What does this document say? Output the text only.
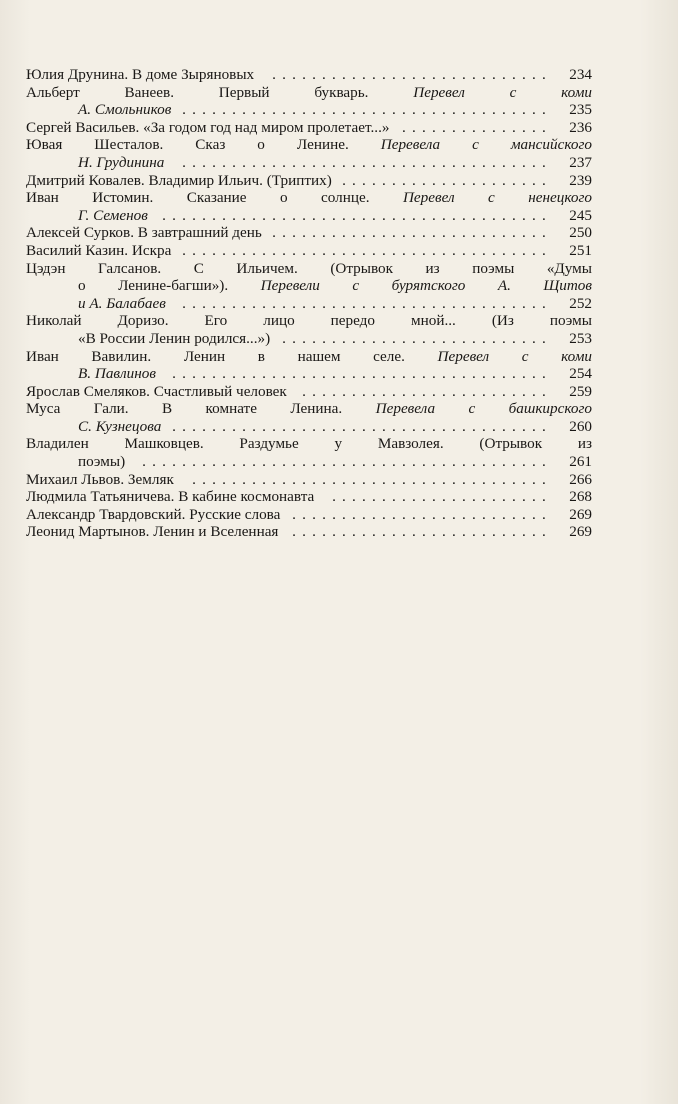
Юлия Друнина. В доме Зыряновых	............................	234
Альберт Ванеев. Первый букварь. Перевел с коми
А. Смольников .....................................	235
Сергей Васильев. «За годом год над миром пролетает...» ...............	236
Ювая Шесталов. Сказ о Ленине. Перевела с мансийского
Н. Грудинина	.....................................	237
Дмитрий Ковалев. Владимир Ильич. (Триптих) .....................	239
Иван Истомин. Сказание о солнце. Перевел с ненецкого
Г. Семенов .......................................	245
Алексей Сурков. В завтрашний день ............................	250
Василий Казин. Искра .....................................	251
Цэдэн Галсанов. С Ильичем. (Отрывок из поэмы «Думы
о Ленине-багши»). Перевели с бурятского А. Щитов
и А. Балабаев	.....................................	252
Николай Доризо. Его лицо передо мной... (Из поэмы
«В России Ленин родился...») ...........................	253
Иван Вавилин. Ленин в нашем селе. Перевел с коми
В. Павлинов	......................................	254
Ярослав Смеляков. Счастливый человек	.........................	259
Муса Гали. В комнате Ленина. Перевела с башкирского
С. Кузнецова ......................................	260
Владилен Машковцев. Раздумье у Мавзолея. (Отрывок из
поэмы)	.........................................	261
Михаил Львов. Земляк	....................................	266
Людмила Татьяничева. В кабине космонавта	......................	268
Александр Твардовский. Русские слова ..........................	269
Леонид Мартынов. Ленин и Вселенная ..........................	269
